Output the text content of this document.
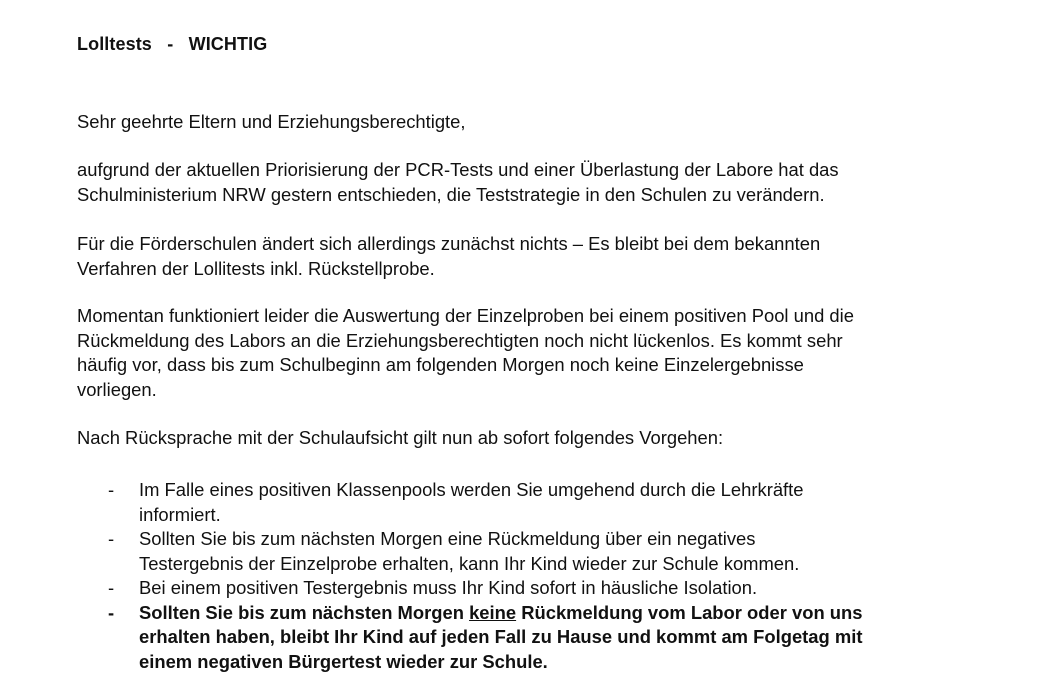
Lolltests   -   WICHTIG
Sehr geehrte Eltern und Erziehungsberechtigte,
aufgrund der aktuellen Priorisierung der PCR-Tests und einer Überlastung der Labore hat das
Schulministerium NRW gestern entschieden, die Teststrategie in den Schulen zu verändern.
Für die Förderschulen ändert sich allerdings zunächst nichts – Es bleibt bei dem bekannten
Verfahren der Lollitests inkl. Rückstellprobe.
Momentan funktioniert leider die Auswertung der Einzelproben bei einem positiven Pool und die
Rückmeldung des Labors an die Erziehungsberechtigten noch nicht lückenlos. Es kommt sehr
häufig vor, dass bis zum Schulbeginn am folgenden Morgen noch keine Einzelergebnisse
vorliegen.
Nach Rücksprache mit der Schulaufsicht gilt nun ab sofort folgendes Vorgehen:
- Im Falle eines positiven Klassenpools werden Sie umgehend durch die Lehrkräfte
informiert.
- Sollten Sie bis zum nächsten Morgen eine Rückmeldung über ein negatives
Testergebnis der Einzelprobe erhalten, kann Ihr Kind wieder zur Schule kommen.
- Bei einem positiven Testergebnis muss Ihr Kind sofort in häusliche Isolation.
- Sollten Sie bis zum nächsten Morgen keine Rückmeldung vom Labor oder von uns
erhalten haben, bleibt Ihr Kind auf jeden Fall zu Hause und kommt am Folgetag mit
einem negativen Bürgertest wieder zur Schule.
